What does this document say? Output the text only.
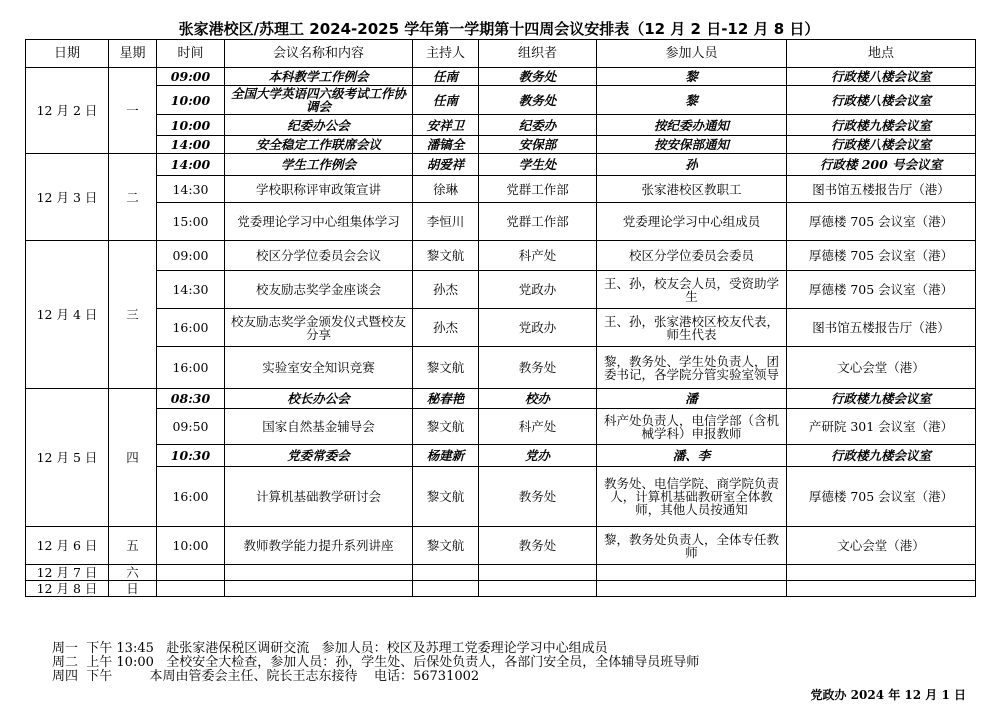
张家港校区/苏理工 2024-2025 学年第一学期第十四周会议安排表（12 月 2 日-12 月 8 日）
日期	星期	时间	会议名称和内容	主持人	组织者	参加人员	地点
12 月 2 日	一	09:00	本科教学工作例会	任南	教务处	黎	行政楼八楼会议室
		10:00	全国大学英语四六级考试工作协调会	任南	教务处	黎	行政楼八楼会议室
		10:00	纪委办公会	安祥卫	纪委办	按纪委办通知	行政楼九楼会议室
		14:00	安全稳定工作联席会议	潘镐全	安保部	按安保部通知	行政楼八楼会议室
12 月 3 日	二	14:00	学生工作例会	胡爱祥	学生处	孙	行政楼 200 号会议室
		14:30	学校职称评审政策宣讲	徐琳	党群工作部	张家港校区教职工	图书馆五楼报告厅（港）
		15:00	党委理论学习中心组集体学习	李恒川	党群工作部	党委理论学习中心组成员	厚德楼 705 会议室（港）
12 月 4 日	三	09:00	校区分学位委员会会议	黎文航	科产处	校区分学位委员会委员	厚德楼 705 会议室（港）
		14:30	校友励志奖学金座谈会	孙杰	党政办	王、孙，校友会人员，受资助学生	厚德楼 705 会议室（港）
		16:00	校友励志奖学金颁发仪式暨校友分享	孙杰	党政办	王、孙，张家港校区校友代表，师生代表	图书馆五楼报告厅（港）
		16:00	实验室安全知识竞赛	黎文航	教务处	黎，教务处、学生处负责人，团委书记，各学院分管实验室领导	文心会堂（港）
12 月 5 日	四	08:30	校长办公会	秘春艳	校办	潘	行政楼九楼会议室
		09:50	国家自然基金辅导会	黎文航	科产处	科产处负责人，电信学部（含机械学科）申报教师	产研院 301 会议室（港）
		10:30	党委常委会	杨建新	党办	潘、李	行政楼九楼会议室
		16:00	计算机基础教学研讨会	黎文航	教务处	教务处、电信学院、商学院负责人，计算机基础教研室全体教师，其他人员按通知	厚德楼 705 会议室（港）
12 月 6 日	五	10:00	教师教学能力提升系列讲座	黎文航	教务处	黎，教务处负责人，全体专任教师	文心会堂（港）
12 月 7 日	六						
12 月 8 日	日						
周一  下午 13:45   赴张家港保税区调研交流   参加人员：校区及苏理工党委理论学习中心组成员
周二  上午 10:00   全校安全大检查，参加人员：孙，学生处、后保处负责人，各部门安全员，全体辅导员班导师
周四  下午         本周由管委会主任、院长王志东接待    电话：56731002
党政办 2024 年 12 月 1 日
